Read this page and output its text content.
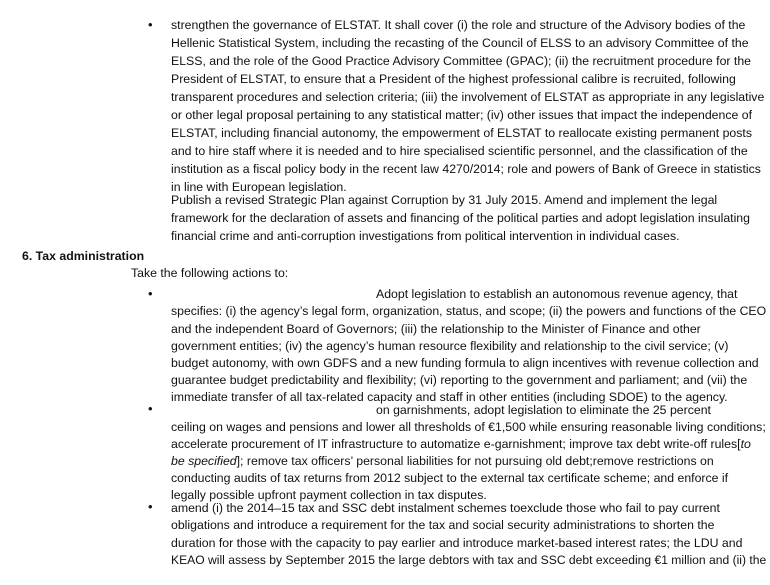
• strengthen the governance of ELSTAT. It shall cover (i) the role and structure of the Advisory bodies of the
Hellenic Statistical System, including the recasting of the Council of ELSS to an advisory Committee of the
ELSS, and the role of the Good Practice Advisory Committee (GPAC); (ii) the recruitment procedure for the
President of ELSTAT, to ensure that a President of the highest professional calibre is recruited, following
transparent procedures and selection criteria; (iii) the involvement of ELSTAT as appropriate in any legislative
or other legal proposal pertaining to any statistical matter; (iv) other issues that impact the independence of
ELSTAT, including financial autonomy, the empowerment of ELSTAT to reallocate existing permanent posts
and to hire staff where it is needed and to hire specialised scientific personnel, and the classification of the
institution as a fiscal policy body in the recent law 4270/2014; role and powers of Bank of Greece in statistics
in line with European legislation.
Publish a revised Strategic Plan against Corruption by 31 July 2015. Amend and implement the legal
framework for the declaration of assets and financing of the political parties and adopt legislation insulating
financial crime and anti-corruption investigations from political intervention in individual cases.
6. Tax administration
Take the following actions to:
•	Adopt legislation to establish an autonomous revenue agency, that
specifies: (i) the agency’s legal form, organization, status, and scope; (ii) the powers and functions of the CEO
and the independent Board of Governors; (iii) the relationship to the Minister of Finance and other
government entities; (iv) the agency’s human resource flexibility and relationship to the civil service; (v)
budget autonomy, with own GDFS and a new funding formula to align incentives with revenue collection and
guarantee budget predictability and flexibility; (vi) reporting to the government and parliament; and (vii) the
immediate transfer of all tax-related capacity and staff in other entities (including SDOE) to the agency.
•	on garnishments, adopt legislation to eliminate the 25 percent
ceiling on wages and pensions and lower all thresholds of €1,500 while ensuring reasonable living conditions;
accelerate procurement of IT infrastructure to automatize e-garnishment; improve tax debt write-off rules[to
be specified]; remove tax officers’ personal liabilities for not pursuing old debt;remove restrictions on
conducting audits of tax returns from 2012 subject to the external tax certificate scheme; and enforce if
legally possible upfront payment collection in tax disputes.
• amend (i) the 2014–15 tax and SSC debt instalment schemes toexclude those who fail to pay current
obligations and introduce a requirement for the tax and social security administrations to shorten the
duration for those with the capacity to pay earlier and introduce market-based interest rates; the LDU and
KEAO will assess by September 2015 the large debtors with tax and SSC debt exceeding €1 million and (ii) the
